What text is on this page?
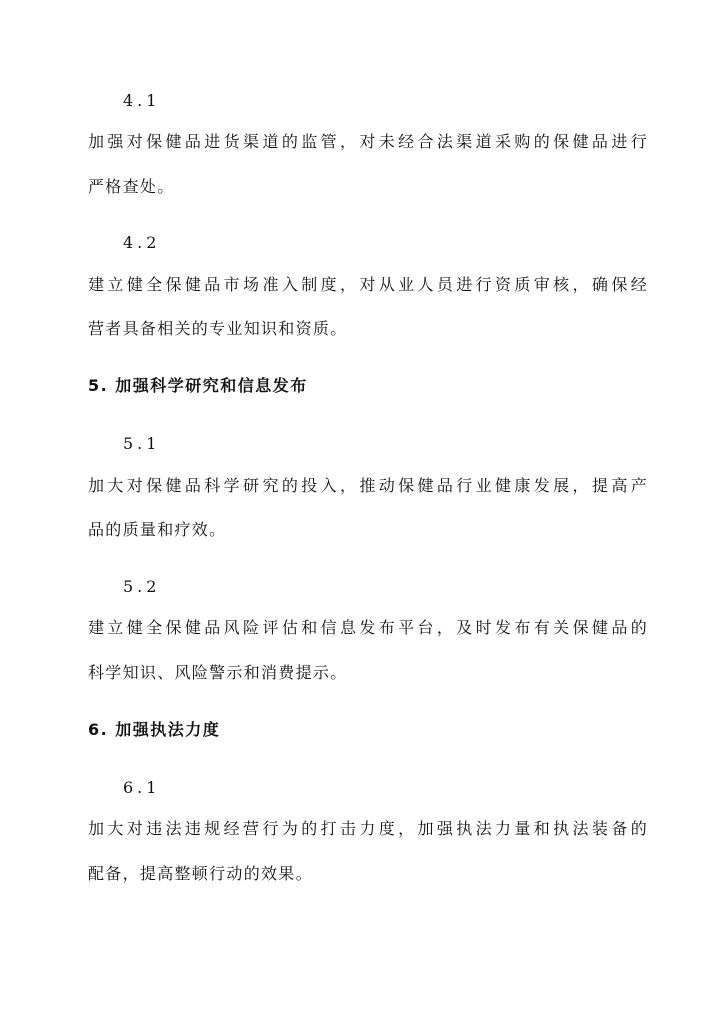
4.1
加强对保健品进货渠道的监管，对未经合法渠道采购的保健品进行
严格查处。
4.2
建立健全保健品市场准入制度，对从业人员进行资质审核，确保经
营者具备相关的专业知识和资质。
5. 加强科学研究和信息发布
5.1
加大对保健品科学研究的投入，推动保健品行业健康发展，提高产
品的质量和疗效。
5.2
建立健全保健品风险评估和信息发布平台，及时发布有关保健品的
科学知识、风险警示和消费提示。
6. 加强执法力度
6.1
加大对违法违规经营行为的打击力度，加强执法力量和执法装备的
配备，提高整顿行动的效果。
